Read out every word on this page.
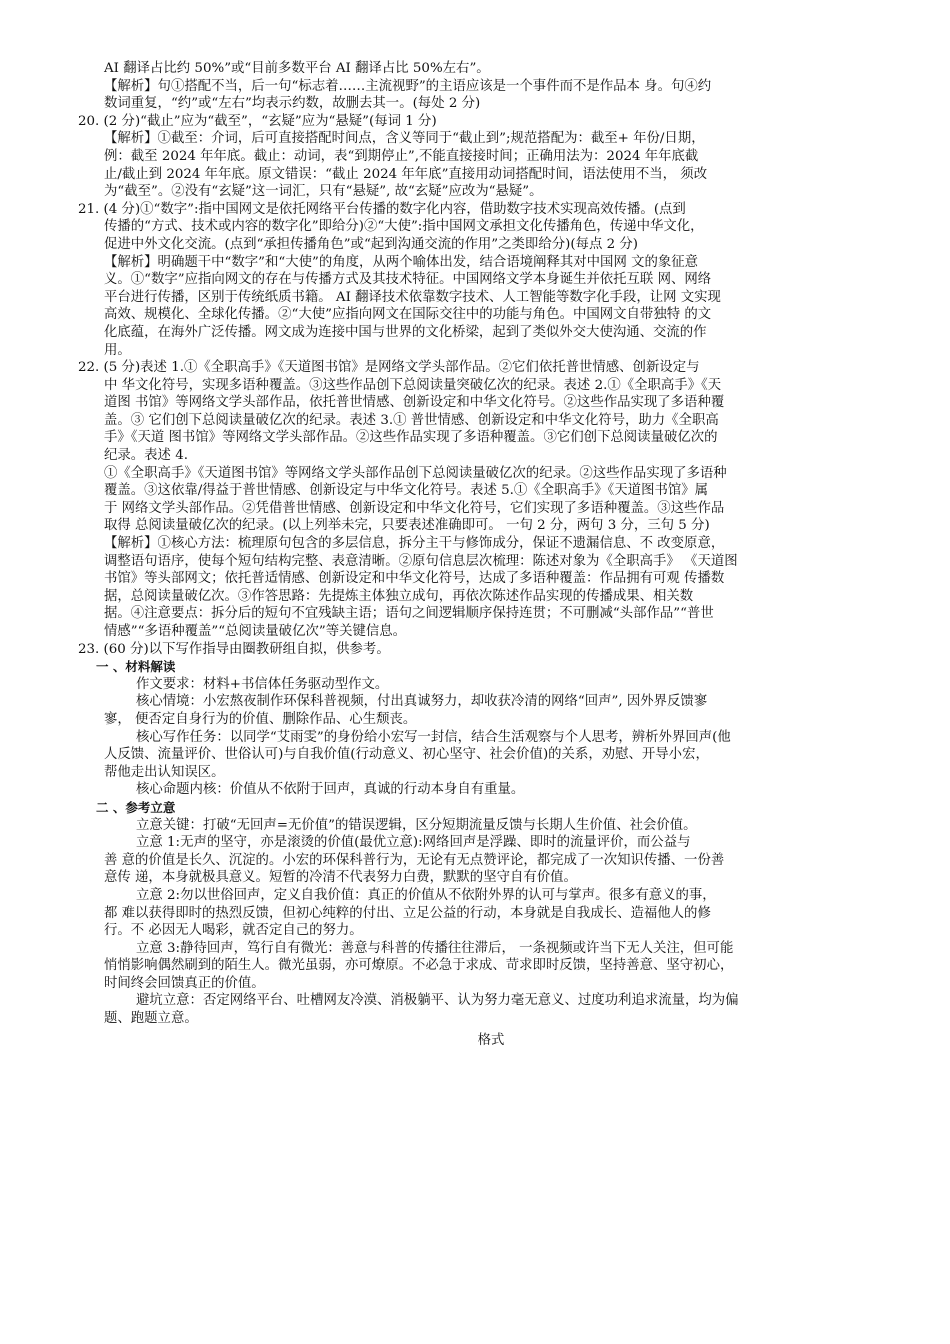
AI 翻译占比约 50%”或“目前多数平台 AI 翻译占比 50%左右”。
【解析】句①搭配不当，后一句“标志着……主流视野”的主语应该是一个事件而不是作品本 身。句④约
数词重复，“约”或“左右”均表示约数，故删去其一。(每处 2 分)
20. (2 分)“截止”应为“截至”，“玄疑”应为“悬疑”(每词 1 分)
【解析】①截至：介词，后可直接搭配时间点，含义等同于“截止到”;规范搭配为：截至+ 年份/日期，
例：截至 2024 年年底。截止：动词，表“到期停止”,不能直接接时间；正确用法为：2024 年年底截
止/截止到 2024 年年底。原文错误：“截止 2024 年年底”直接用动词搭配时间，语法使用不当， 须改
为“截至”。②没有“玄疑”这一词汇，只有“悬疑”, 故“玄疑”应改为“悬疑”。
21. (4 分)①“数字”:指中国网文是依托网络平台传播的数字化内容，借助数字技术实现高效传播。(点到
传播的“方式、技术或内容的数字化”即给分)②“大使”:指中国网文承担文化传播角色，传递中华文化，
促进中外文化交流。(点到“承担传播角色”或“起到沟通交流的作用”之类即给分)(每点 2 分)
【解析】明确题干中“数字”和“大使”的角度，从两个喻体出发，结合语境阐释其对中国网 文的象征意
义。①“数字”应指向网文的存在与传播方式及其技术特征。中国网络文学本身诞生并依托互联 网、网络
平台进行传播，区别于传统纸质书籍。 AI 翻译技术依靠数字技术、人工智能等数字化手段，让网 文实现
高效、规模化、全球化传播。②“大使”应指向网文在国际交往中的功能与角色。中国网文自带独特 的文
化底蕴，在海外广泛传播。网文成为连接中国与世界的文化桥梁，起到了类似外交大使沟通、交流的作
用。
22. (5 分)表述 1.①《全职高手》《天道图书馆》是网络文学头部作品。②它们依托普世情感、创新设定与
中 华文化符号，实现多语种覆盖。③这些作品创下总阅读量突破亿次的纪录。表述 2.①《全职高手》《天
道图 书馆》等网络文学头部作品，依托普世情感、创新设定和中华文化符号。②这些作品实现了多语种覆
盖。③ 它们创下总阅读量破亿次的纪录。表述 3.① 普世情感、创新设定和中华文化符号，助力《全职高
手》《天道 图书馆》等网络文学头部作品。②这些作品实现了多语种覆盖。③它们创下总阅读量破亿次的
纪录。表述 4.
①《全职高手》《天道图书馆》等网络文学头部作品创下总阅读量破亿次的纪录。②这些作品实现了多语种
覆盖。③这依靠/得益于普世情感、创新设定与中华文化符号。表述 5.①《全职高手》《天道图书馆》属
于 网络文学头部作品。②凭借普世情感、创新设定和中华文化符号，它们实现了多语种覆盖。③这些作品
取得 总阅读量破亿次的纪录。(以上列举未完，只要表述准确即可。 一句 2 分，两句 3 分，三句 5 分)
【解析】①核心方法：梳理原句包含的多层信息，拆分主干与修饰成分，保证不遗漏信息、不 改变原意，
调整语句语序，使每个短句结构完整、表意清晰。②原句信息层次梳理：陈述对象为《全职高手》 《天道图
书馆》等头部网文；依托普适情感、创新设定和中华文化符号，达成了多语种覆盖：作品拥有可观 传播数
据，总阅读量破亿次。③作答思路：先提炼主体独立成句，再依次陈述作品实现的传播成果、相关数
据。④注意要点：拆分后的短句不宜残缺主语；语句之间逻辑顺序保持连贯；不可删减“头部作品”“普世
情感”“多语种覆盖”“总阅读量破亿次”等关键信息。
23. (60 分)以下写作指导由圈教研组自拟，供参考。
一 、材料解读
作文要求：材料+书信体任务驱动型作文。
核心情境：小宏熬夜制作环保科普视频，付出真诚努力，却收获冷清的网络“回声”, 因外界反馈寥
寥， 便否定自身行为的价值、删除作品、心生颓丧。
核心写作任务：以同学“艾雨雯”的身份给小宏写一封信，结合生活观察与个人思考，辨析外界回声(他
人反馈、流量评价、世俗认可)与自我价值(行动意义、初心坚守、社会价值)的关系，劝慰、开导小宏，
帮他走出认知误区。
核心命题内核：价值从不依附于回声，真诚的行动本身自有重量。
二 、参考立意
立意关键：打破“无回声=无价值”的错误逻辑，区分短期流量反馈与长期人生价值、社会价值。
立意 1:无声的坚守，亦是滚烫的价值(最优立意):网络回声是浮躁、即时的流量评价，而公益与
善 意的价值是长久、沉淀的。小宏的环保科普行为，无论有无点赞评论，都完成了一次知识传播、一份善
意传 递，本身就极具意义。短暂的冷清不代表努力白费，默默的坚守自有价值。
立意 2:勿以世俗回声，定义自我价值：真正的价值从不依附外界的认可与掌声。很多有意义的事，
都 难以获得即时的热烈反馈，但初心纯粹的付出、立足公益的行动，本身就是自我成长、造福他人的修
行。不 必因无人喝彩，就否定自己的努力。
立意 3:静待回声，笃行自有微光：善意与科普的传播往往滞后， 一条视频或许当下无人关注，但可能
悄悄影响偶然刷到的陌生人。微光虽弱，亦可燎原。不必急于求成、苛求即时反馈，坚持善意、坚守初心，
时间终会回馈真正的价值。
避坑立意：否定网络平台、吐槽网友冷漠、消极躺平、认为努力毫无意义、过度功利追求流量，均为偏
题、跑题立意。
格式
